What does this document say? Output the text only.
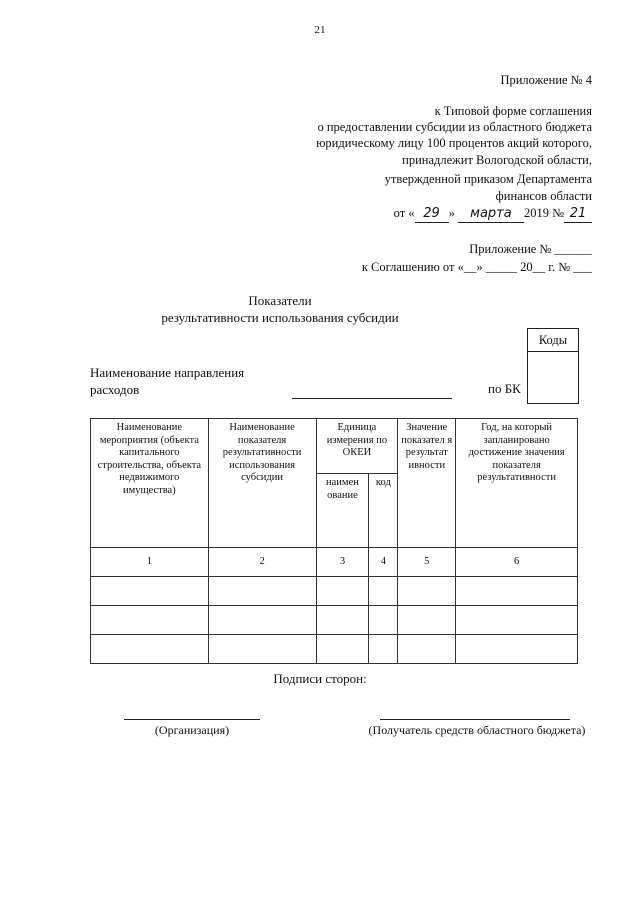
21
Приложение № 4
к Типовой форме соглашения
о предоставлении субсидии из областного бюджета
юридическому лицу 100 процентов акций которого,
принадлежит Вологодской области,
утвержденной приказом Департамента
финансов области
от « 29 » марта 2019 № 21
Приложение № ______
к Соглашению от «__» _____ 20__ г. № ___
Показатели
результативности использования субсидии
Коды
Наименование направления
расходов	по БК
Наименование мероприятия (объекта капитального строительства, объекта недвижимого имущества)	Наименование показателя результативности использования субсидии	Единица измерения по ОКЕИ		Значение показател я результат ивности	Год, на который запланировано достижение значения показателя результативности
		наимен ование	код		
1	2	3	4	5	6

Подписи сторон:
(Организация)	(Получатель средств областного бюджета)
